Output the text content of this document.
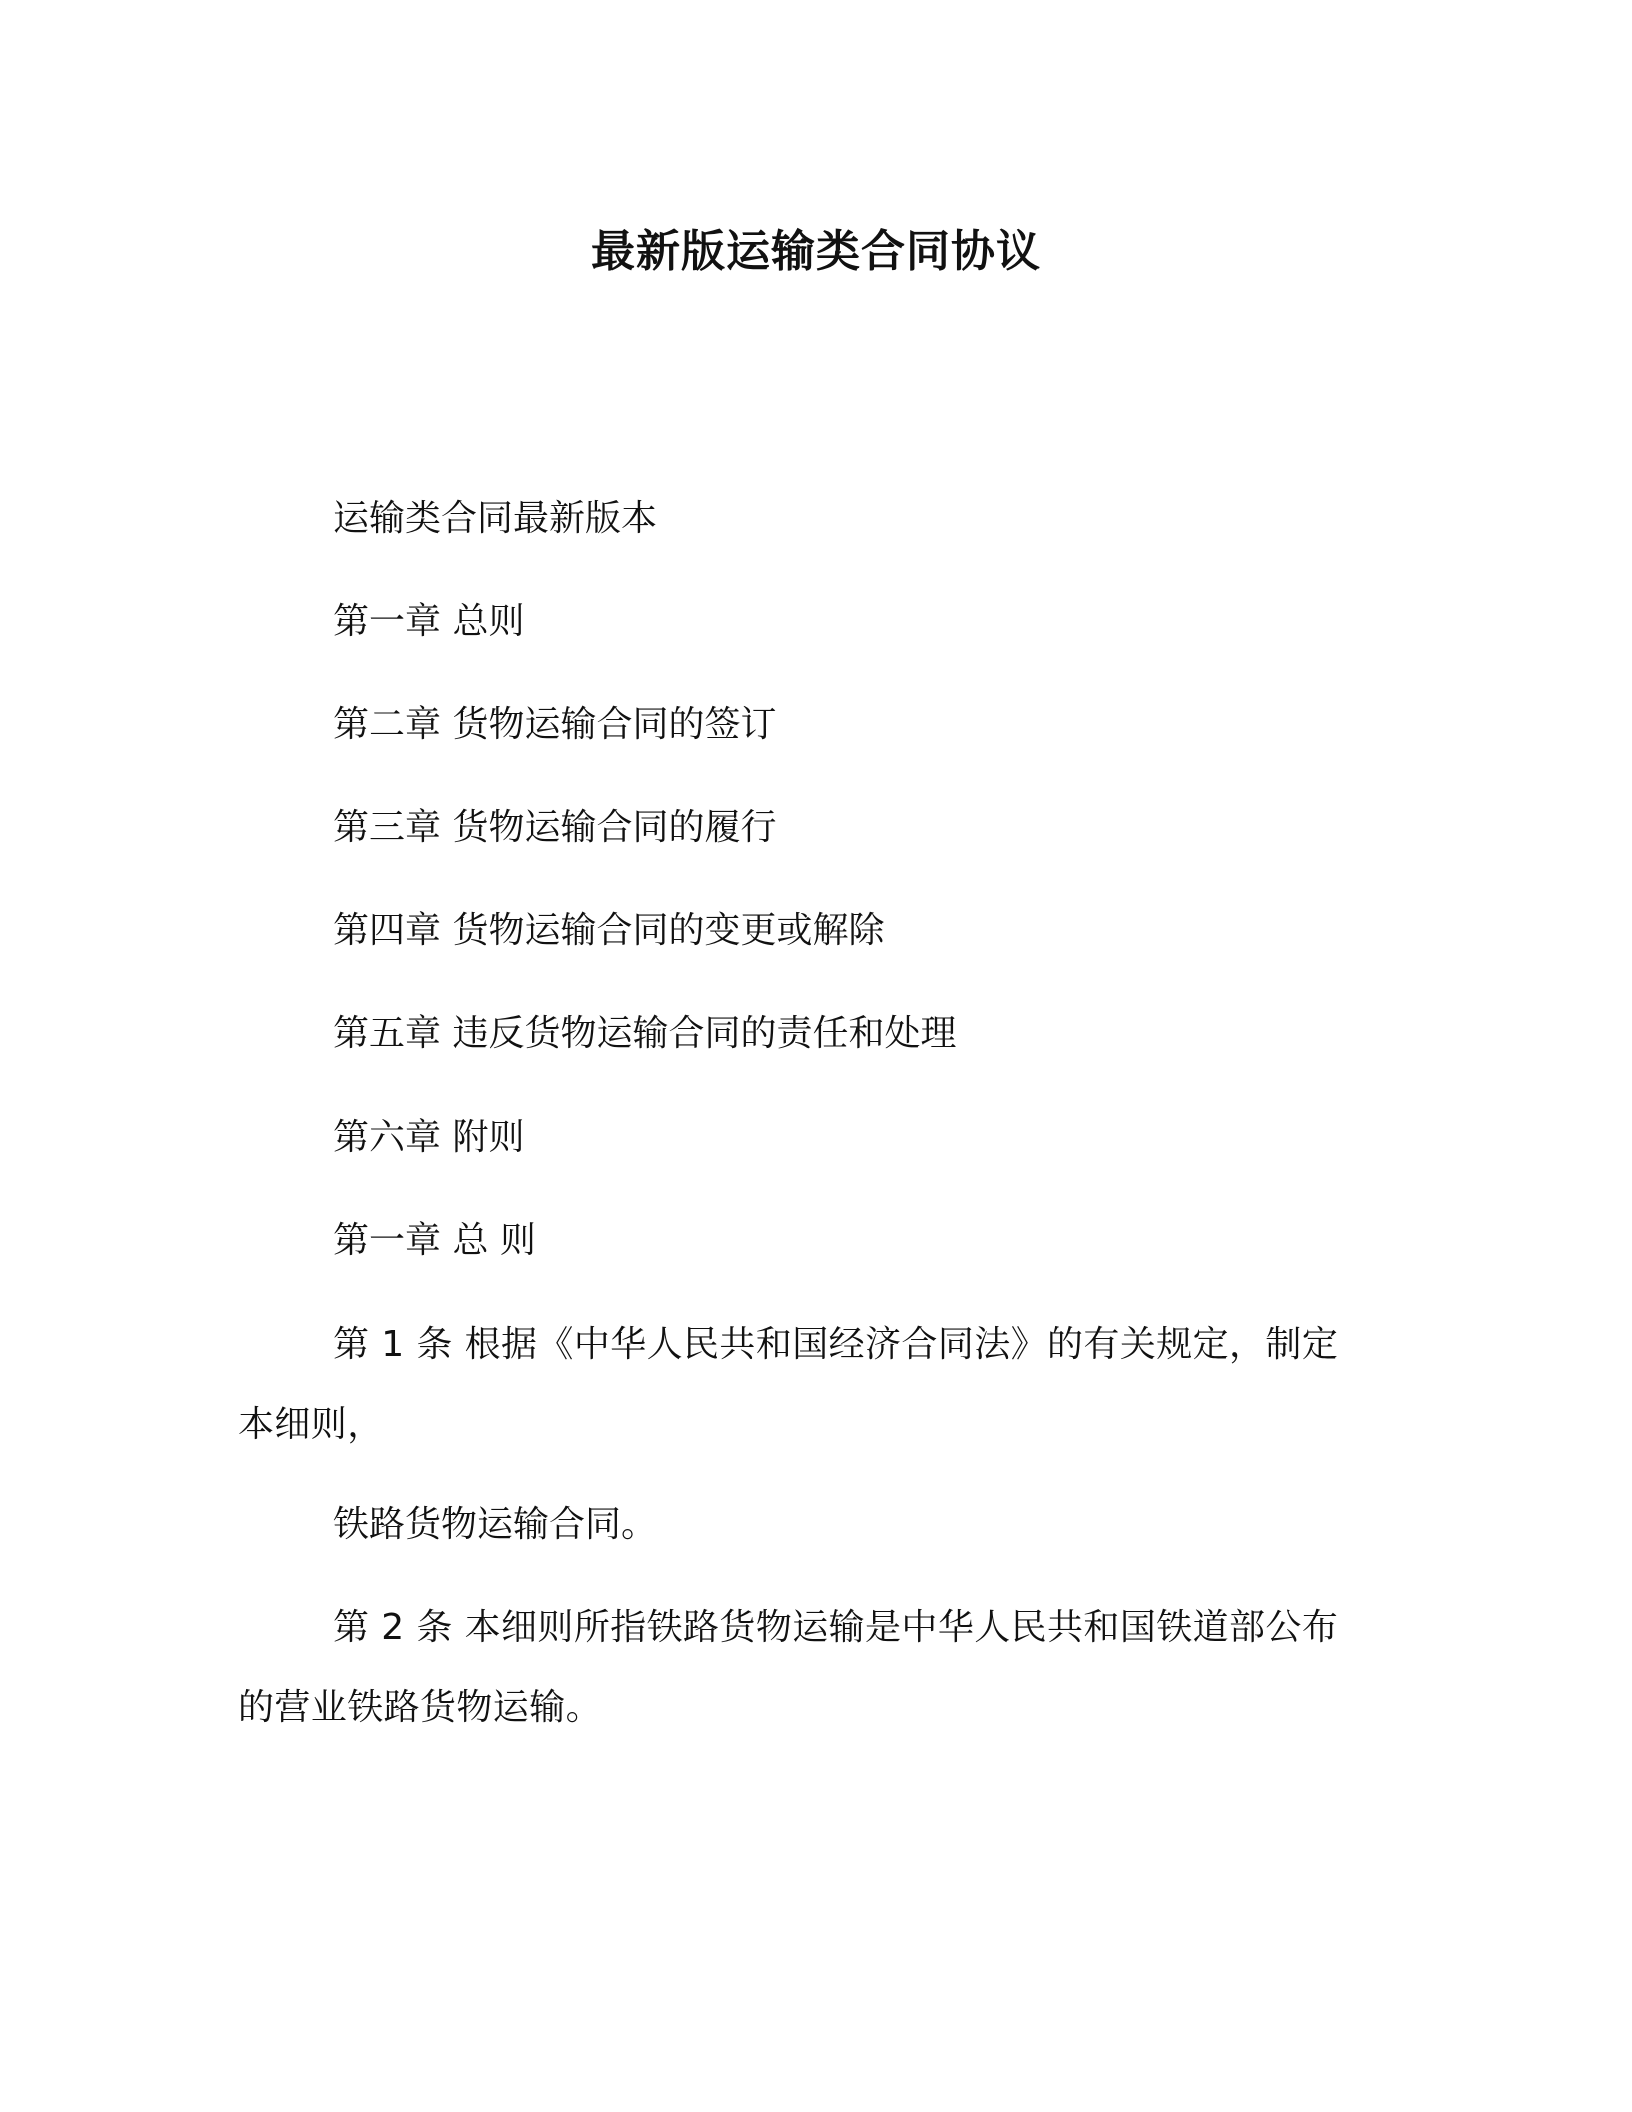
最新版运输类合同协议
运输类合同最新版本
第一章 总则
第二章 货物运输合同的签订
第三章 货物运输合同的履行
第四章 货物运输合同的变更或解除
第五章 违反货物运输合同的责任和处理
第六章 附则
第一章 总 则
第 1 条 根据《中华人民共和国经济合同法》的有关规定，制定本细则，
铁路货物运输合同。
第 2 条 本细则所指铁路货物运输是中华人民共和国铁道部公布的营业铁路货物运输。
